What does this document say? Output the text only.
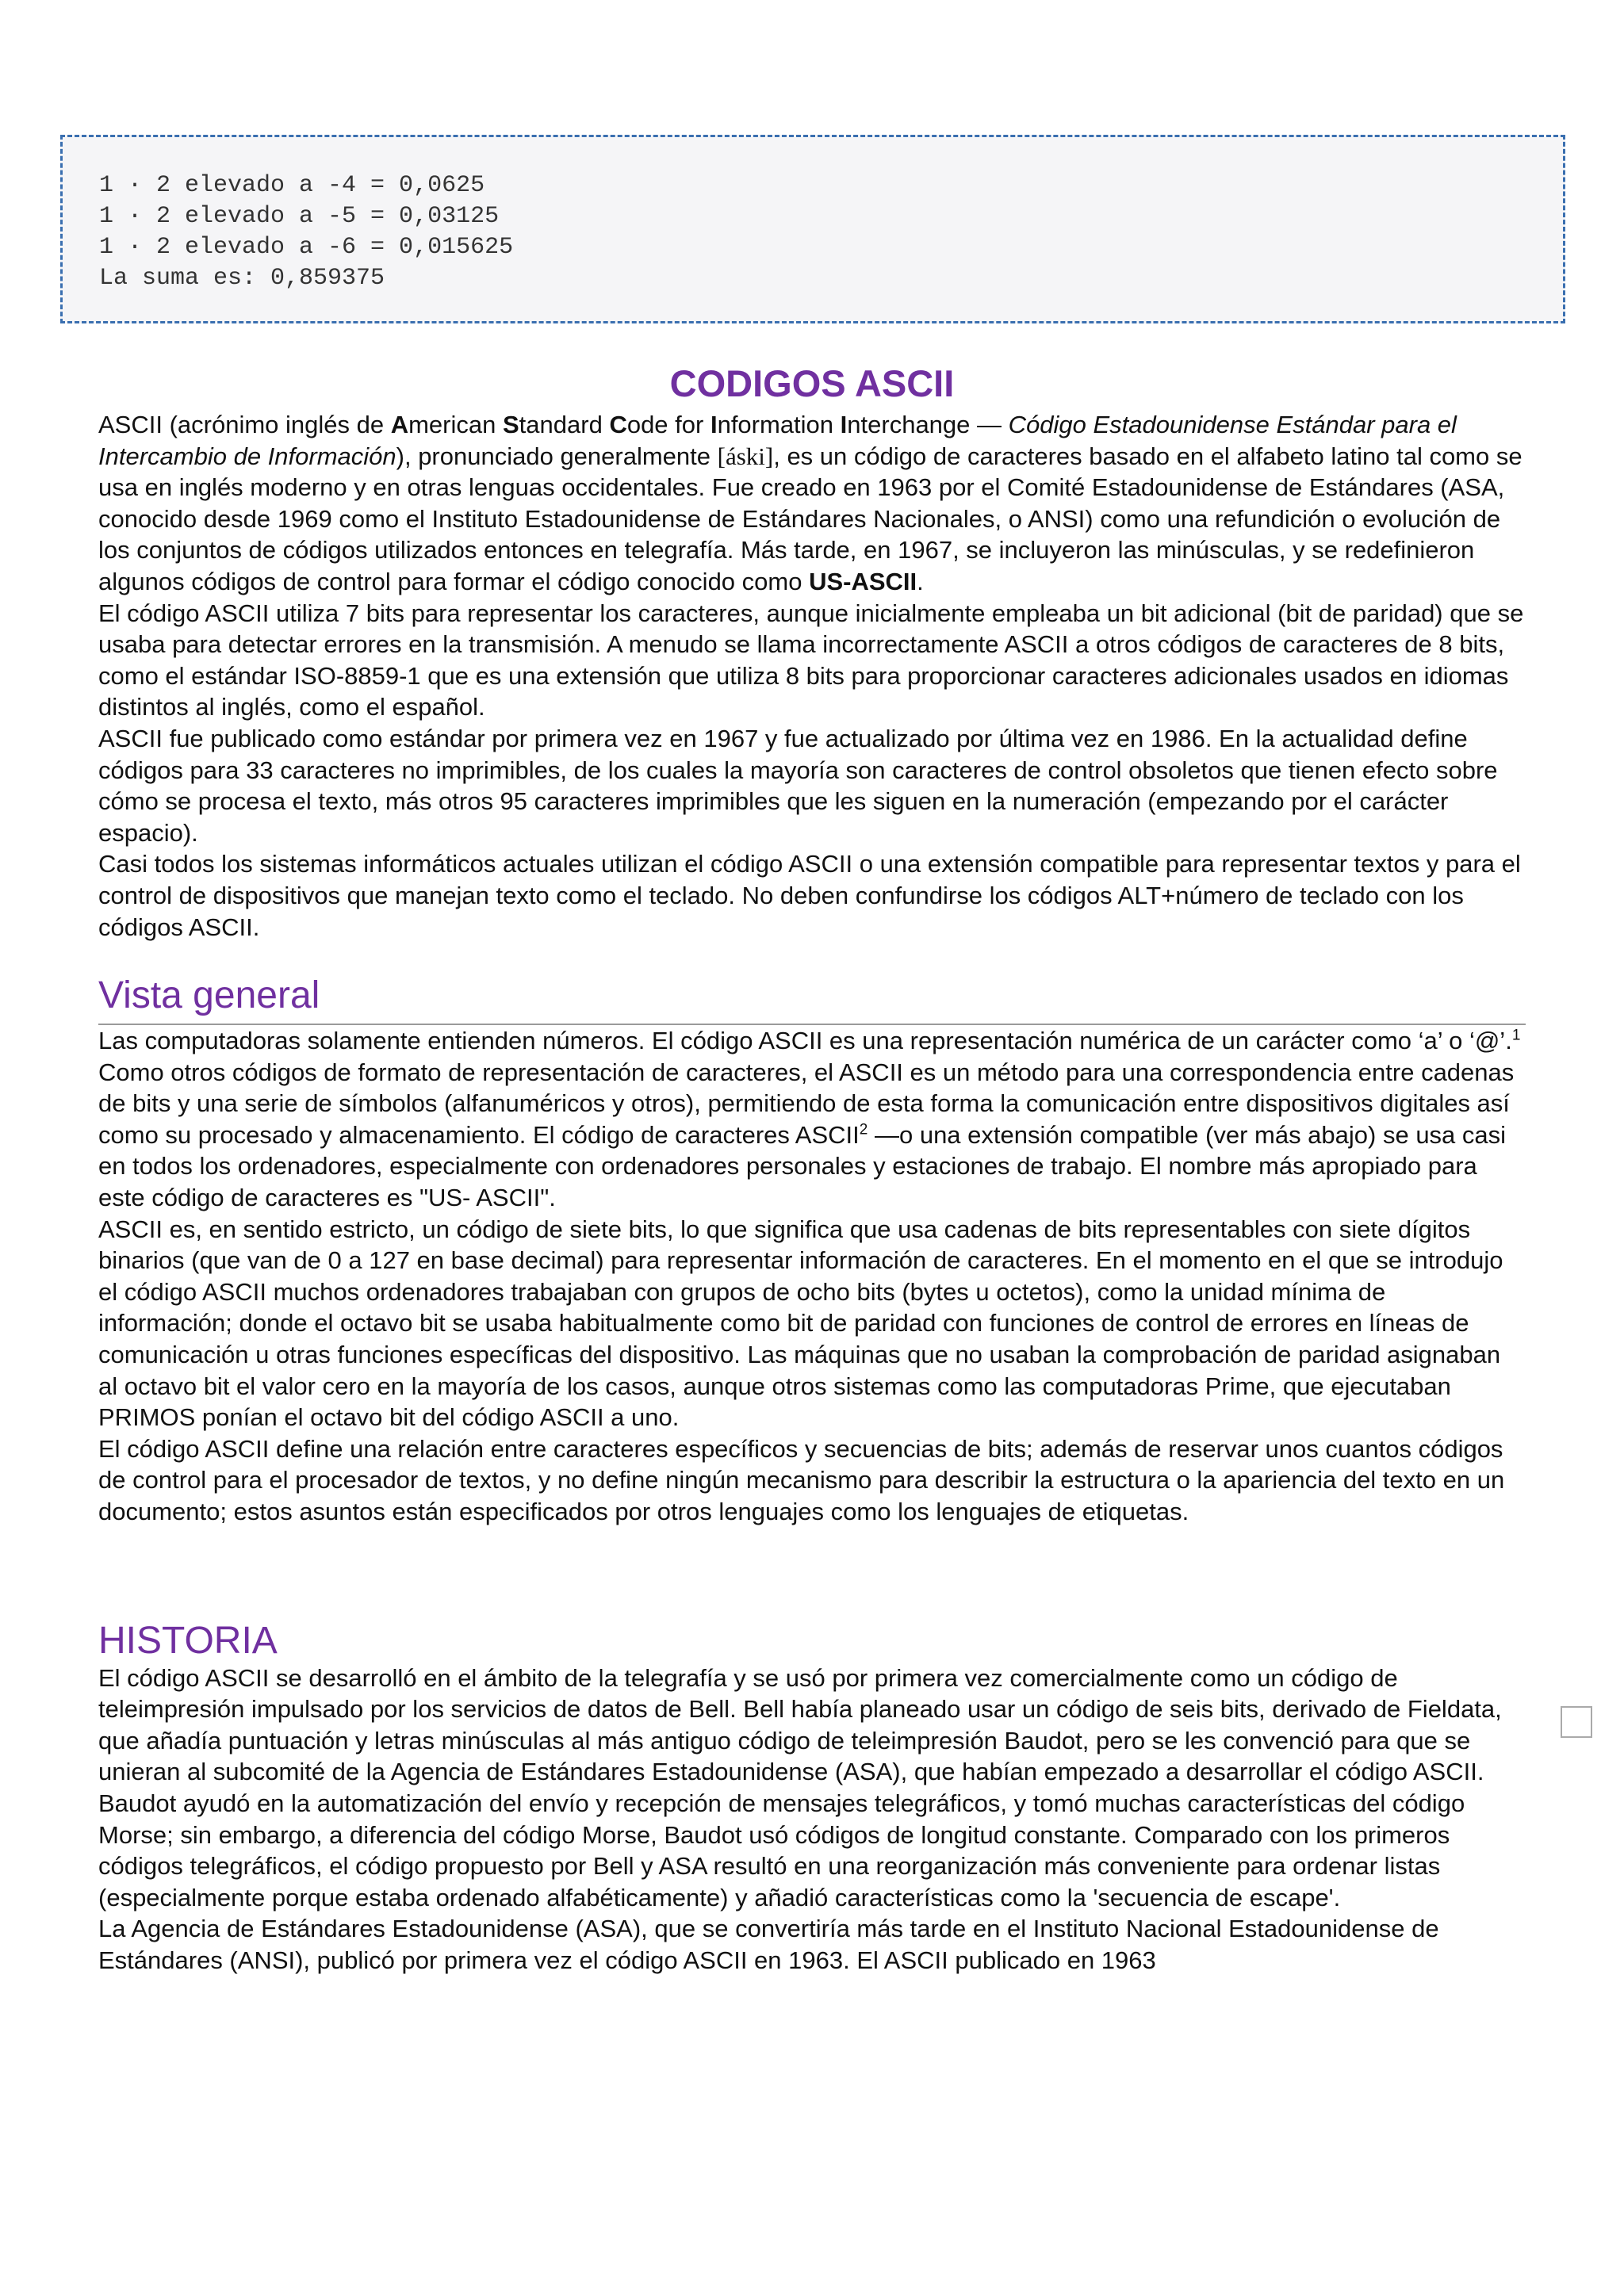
1 · 2 elevado a -4 = 0,0625
1 · 2 elevado a -5 = 0,03125
1 · 2 elevado a -6 = 0,015625
La suma es: 0,859375
CODIGOS ASCII

ASCII (acrónimo inglés de American Standard Code for Information Interchange — Código Estadounidense Estándar para el Intercambio de Información), pronunciado generalmente [áski], es un código de caracteres basado en el alfabeto latino tal como se usa en inglés moderno y en otras lenguas occidentales. Fue creado en 1963 por el Comité Estadounidense de Estándares (ASA, conocido desde 1969 como el Instituto Estadounidense de Estándares Nacionales, o ANSI) como una refundición o evolución de los conjuntos de códigos utilizados entonces en telegrafía. Más tarde, en 1967, se incluyeron las minúsculas, y se redefinieron algunos códigos de control para formar el código conocido como US-ASCII.

El código ASCII utiliza 7 bits para representar los caracteres, aunque inicialmente empleaba un bit adicional (bit de paridad) que se usaba para detectar errores en la transmisión. A menudo se llama incorrectamente ASCII a otros códigos de caracteres de 8 bits, como el estándar ISO-8859-1 que es una extensión que utiliza 8 bits para proporcionar caracteres adicionales usados en idiomas distintos al inglés, como el español.

ASCII fue publicado como estándar por primera vez en 1967 y fue actualizado por última vez en 1986. En la actualidad define códigos para 33 caracteres no imprimibles, de los cuales la mayoría son caracteres de control obsoletos que tienen efecto sobre cómo se procesa el texto, más otros 95 caracteres imprimibles que les siguen en la numeración (empezando por el carácter espacio).

Casi todos los sistemas informáticos actuales utilizan el código ASCII o una extensión compatible para representar textos y para el control de dispositivos que manejan texto como el teclado. No deben confundirse los códigos ALT+número de teclado con los códigos ASCII.

Vista general

Las computadoras solamente entienden números. El código ASCII es una representación numérica de un carácter como ‘a’ o ‘@’.$^1$

Como otros códigos de formato de representación de caracteres, el ASCII es un método para una correspondencia entre cadenas de bits y una serie de símbolos (alfanuméricos y otros), permitiendo de esta forma la comunicación entre dispositivos digitales así como su procesado y almacenamiento. El código de caracteres ASCII$^2$ —o una extensión compatible (ver más abajo) se usa casi en todos los ordenadores, especialmente con ordenadores personales y estaciones de trabajo. El nombre más apropiado para este código de caracteres es "US- ASCII".

ASCII es, en sentido estricto, un código de siete bits, lo que significa que usa cadenas de bits representables con siete dígitos binarios (que van de 0 a 127 en base decimal) para representar información de caracteres. En el momento en el que se introdujo el código ASCII muchos ordenadores trabajaban con grupos de ocho bits (bytes u octetos), como la unidad mínima de información; donde el octavo bit se usaba habitualmente como bit de paridad con funciones de control de errores en líneas de comunicación u otras funciones específicas del dispositivo. Las máquinas que no usaban la comprobación de paridad asignaban al octavo bit el valor cero en la mayoría de los casos, aunque otros sistemas como las computadoras Prime, que ejecutaban PRIMOS ponían el octavo bit del código ASCII a uno.

El código ASCII define una relación entre caracteres específicos y secuencias de bits; además de reservar unos cuantos códigos de control para el procesador de textos, y no define ningún mecanismo para describir la estructura o la apariencia del texto en un documento; estos asuntos están especificados por otros lenguajes como los lenguajes de etiquetas.

HISTORIA

El código ASCII se desarrolló en el ámbito de la telegrafía y se usó por primera vez comercialmente como un código de teleimpresión impulsado por los servicios de datos de Bell. Bell había planeado usar un código de seis bits, derivado de Fieldata, que añadía puntuación y letras minúsculas al más antiguo código de teleimpresión Baudot, pero se les convenció para que se unieran al subcomité de la Agencia de Estándares Estadounidense (ASA), que habían empezado a desarrollar el código ASCII. Baudot ayudó en la automatización del envío y recepción de mensajes telegráficos, y tomó muchas características del código Morse; sin embargo, a diferencia del código Morse, Baudot usó códigos de longitud constante. Comparado con los primeros códigos telegráficos, el código propuesto por Bell y ASA resultó en una reorganización más conveniente para ordenar listas (especialmente porque estaba ordenado alfabéticamente) y añadió características como la 'secuencia de escape'.

La Agencia de Estándares Estadounidense (ASA), que se convertiría más tarde en el Instituto Nacional Estadounidense de Estándares (ANSI), publicó por primera vez el código ASCII en 1963. El ASCII publicado en 1963
